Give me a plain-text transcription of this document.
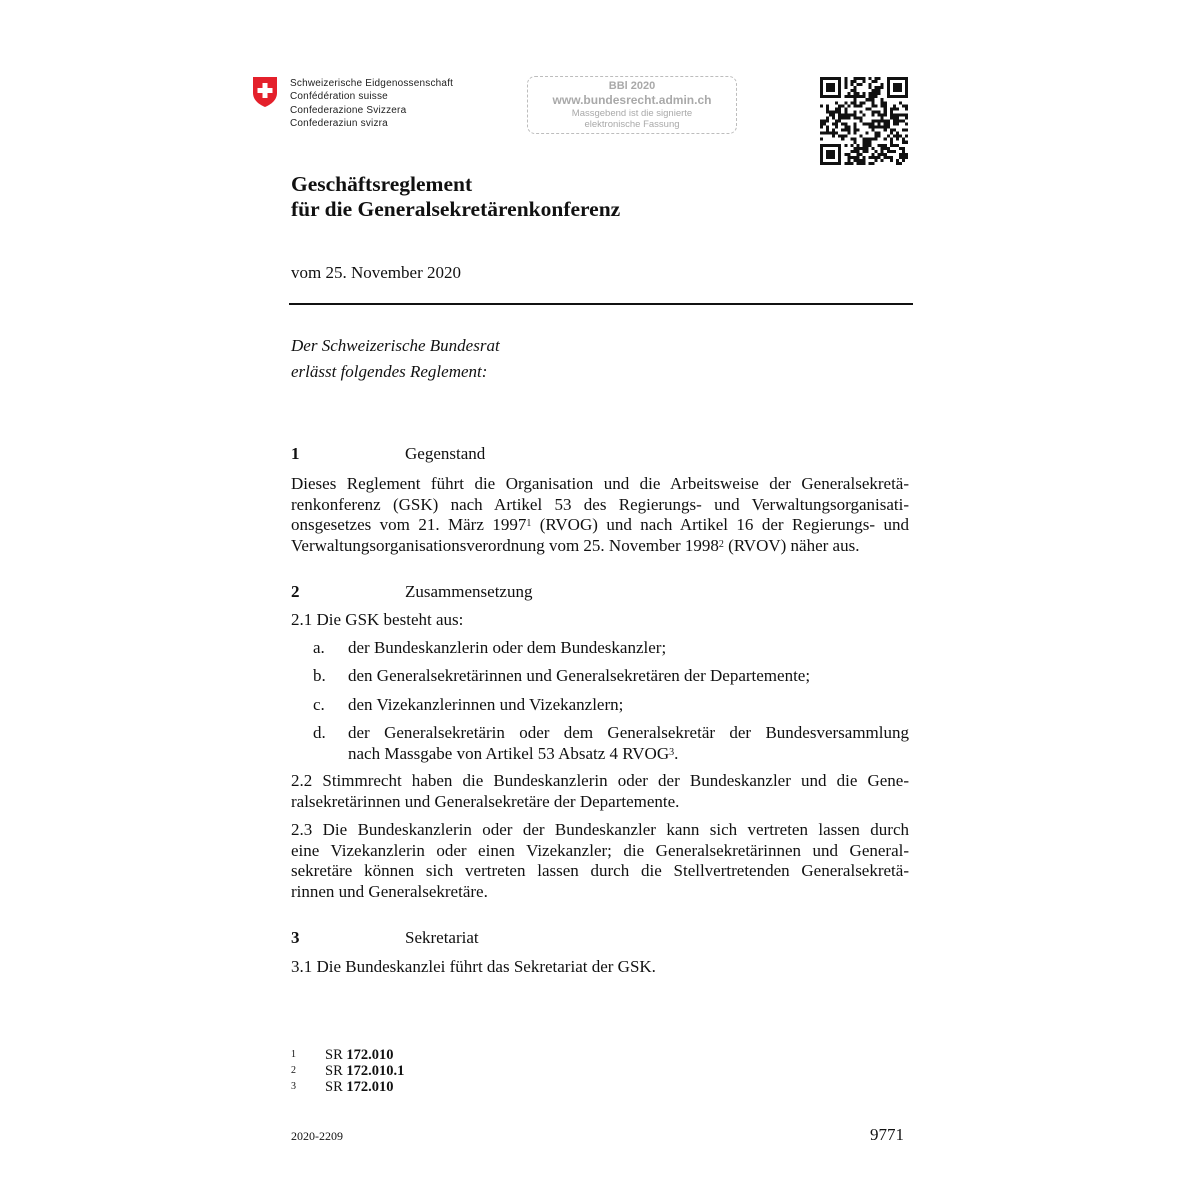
Schweizerische Eidgenossenschaft
Confédération suisse
Confederazione Svizzera
Confederaziun svizra
BBl 2020
www.bundesrecht.admin.ch
Massgebend ist die signierte
elektronische Fassung
Geschäftsreglement
für die Generalsekretärenkonferenz
vom 25. November 2020
Der Schweizerische Bundesrat
erlässt folgendes Reglement:
1	Gegenstand
Dieses Reglement führt die Organisation und die Arbeitsweise der Generalsekretä-
renkonferenz (GSK) nach Artikel 53 des Regierungs- und Verwaltungsorganisati-
onsgesetzes vom 21. März 1997$^1$ (RVOG) und nach Artikel 16 der Regierungs- und
Verwaltungsorganisationsverordnung vom 25. November 1998$^2$ (RVOV) näher aus.
2	Zusammensetzung
2.1 Die GSK besteht aus:
a. der Bundeskanzlerin oder dem Bundeskanzler;
b. den Generalsekretärinnen und Generalsekretären der Departemente;
c. den Vizekanzlerinnen und Vizekanzlern;
d. der Generalsekretärin oder dem Generalsekretär der Bundesversammlung
nach Massgabe von Artikel 53 Absatz 4 RVOG$^3$.
2.2 Stimmrecht haben die Bundeskanzlerin oder der Bundeskanzler und die Gene-
ralsekretärinnen und Generalsekretäre der Departemente.
2.3 Die Bundeskanzlerin oder der Bundeskanzler kann sich vertreten lassen durch
eine Vizekanzlerin oder einen Vizekanzler; die Generalsekretärinnen und General-
sekretäre können sich vertreten lassen durch die Stellvertretenden Generalsekretä-
rinnen und Generalsekretäre.
3	Sekretariat
3.1 Die Bundeskanzlei führt das Sekretariat der GSK.
1 SR 172.010
2 SR 172.010.1
3 SR 172.010
2020-2209	9771
